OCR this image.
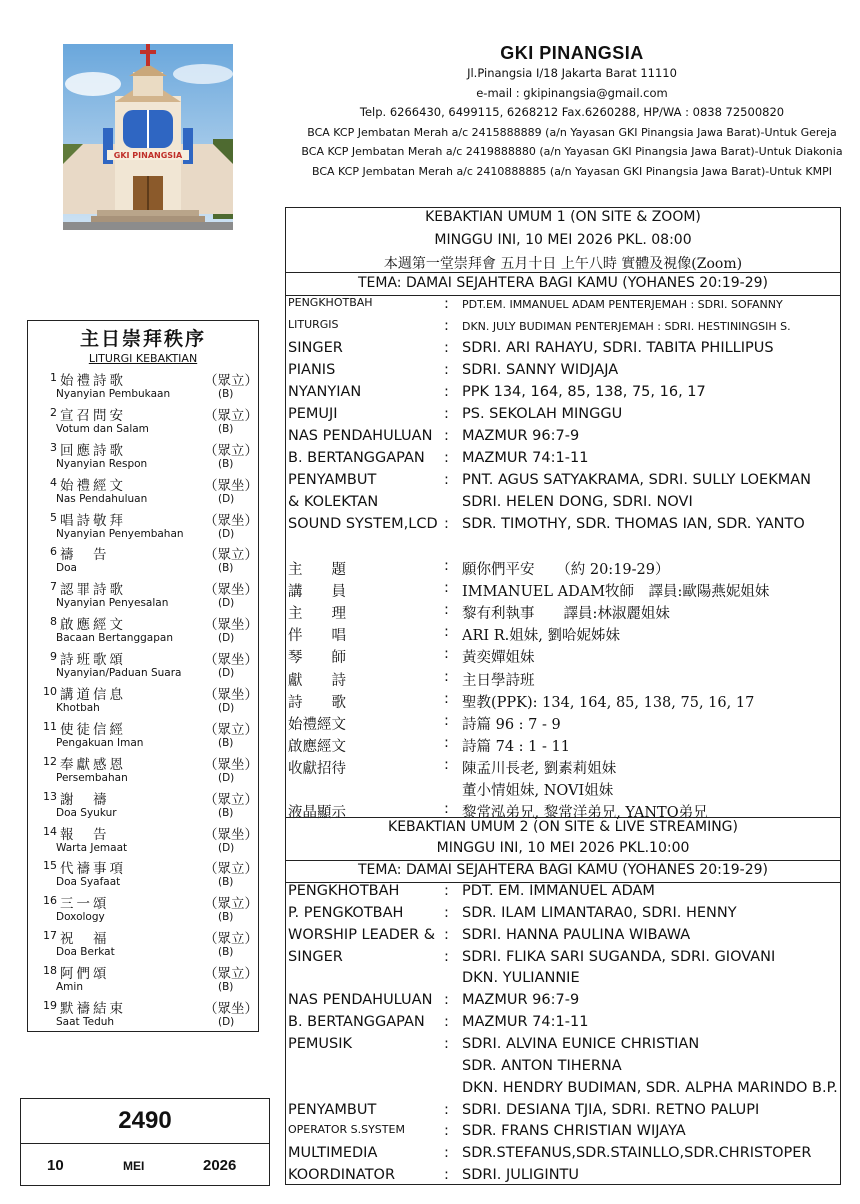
GKI PINANGSIA
GKI PINANGSIA
Jl.Pinangsia I/18 Jakarta Barat 11110
e-mail : gkipinangsia@gmail.com
Telp. 6266430, 6499115, 6268212 Fax.6260288, HP/WA : 0838 72500820
BCA KCP Jembatan Merah a/c 2415888889 (a/n Yayasan GKI Pinangsia Jawa Barat)-Untuk Gereja
BCA KCP Jembatan Merah a/c 2419888880 (a/n Yayasan GKI Pinangsia Jawa Barat)-Untuk Diakonia
BCA KCP Jembatan Merah a/c 2410888885 (a/n Yayasan GKI Pinangsia Jawa Barat)-Untuk KMPI
主日崇拜秩序
LITURGI KEBAKTIAN
1 始禮詩歌	（眾立）
Nyanyian Pembukaan	(B)
2 宣召問安	（眾立）
Votum dan Salam	(B)
3 回應詩歌	（眾立）
Nyanyian Respon	(B)
4 始禮經文	（眾坐）
Nas Pendahuluan	(D)
5 唱詩敬拜	（眾坐）
Nyanyian Penyembahan	(D)
6 禱　告	（眾立）
Doa	(B)
7 認罪詩歌	（眾坐）
Nyanyian Penyesalan	(D)
8 啟應經文	（眾坐）
Bacaan Bertanggapan	(D)
9 詩班歌頌	（眾坐）
Nyanyian/Paduan Suara	(D)
10 講道信息	（眾坐）
Khotbah	(D)
11 使徒信經	（眾立）
Pengakuan Iman	(B)
12 奉獻感恩	（眾坐）
Persembahan	(D)
13 謝　禱	（眾立）
Doa Syukur	(B)
14 報　告	（眾坐）
Warta Jemaat	(D)
15 代禱事項	（眾立）
Doa Syafaat	(B)
16 三一頌	（眾立）
Doxology	(B)
17 祝　福	（眾立）
Doa Berkat	(B)
18 阿們頌	（眾立）
Amin	(B)
19 默禱結束	（眾坐）
Saat Teduh	(D)
2490
10	MEI	2026
KEBAKTIAN UMUM 1 (ON SITE & ZOOM)
MINGGU INI, 10 MEI 2026 PKL. 08:00
本週第一堂崇拜會 五月十日 上午八時 實體及視像(Zoom)
TEMA: DAMAI SEJAHTERA BAGI KAMU (YOHANES 20:19-29)
PENGKHOTBAH	: PDT.EM. IMMANUEL ADAM PENTERJEMAH : SDRI. SOFANNY
LITURGIS	: DKN. JULY BUDIMAN PENTERJEMAH : SDRI. HESTININGSIH S.
SINGER	: SDRI. ARI RAHAYU, SDRI. TABITA PHILLIPUS
PIANIS	: SDRI. SANNY WIDJAJA
NYANYIAN	: PPK 134, 164, 85, 138, 75, 16, 17
PEMUJI	: PS. SEKOLAH MINGGU
NAS PENDAHULUAN : MAZMUR 96:7-9
B. BERTANGGAPAN : MAZMUR 74:1-11
PENYAMBUT	: PNT. AGUS SATYAKRAMA, SDRI. SULLY LOEKMAN
& KOLEKTAN	SDRI. HELEN DONG, SDRI. NOVI
SOUND SYSTEM,LCD : SDR. TIMOTHY, SDR. THOMAS IAN, SDR. YANTO
主　　題	: 願你們平安　　（約 20:19-29）
講　　員	: IMMANUEL ADAM牧師　譯員:歐陽燕妮姐妹
主　　理	: 黎有利執事　　譯員:林淑麗姐妹
伴　　唱	: ARI R.姐妹, 劉哈妮姊妹
琴　　師	: 黃奕嬋姐妹
獻　　詩	: 主日學詩班
詩　　歌	: 聖教(PPK): 134, 164, 85, 138, 75, 16, 17
始禮經文	: 詩篇 96 : 7 - 9
啟應經文	: 詩篇 74 : 1 - 11
收獻招待	: 陳孟川長老, 劉素莉姐妹
董小情姐妹, NOVI姐妹
液晶顯示	: 黎常泓弟兄, 黎常洋弟兄, YANTO弟兄
KEBAKTIAN UMUM 2 (ON SITE & LIVE STREAMING)
MINGGU INI, 10 MEI 2026 PKL.10:00
TEMA: DAMAI SEJAHTERA BAGI KAMU (YOHANES 20:19-29)
PENGKHOTBAH	: PDT. EM. IMMANUEL ADAM
P. PENGKOTBAH	: SDR. ILAM LIMANTARA0, SDRI. HENNY
WORSHIP LEADER & : SDRI. HANNA PAULINA WIBAWA
SINGER	: SDRI. FLIKA SARI SUGANDA, SDRI. GIOVANI
DKN. YULIANNIE
NAS PENDAHULUAN : MAZMUR 96:7-9
B. BERTANGGAPAN : MAZMUR 74:1-11
PEMUSIK	: SDRI. ALVINA EUNICE CHRISTIAN
SDR. ANTON TIHERNA
DKN. HENDRY BUDIMAN, SDR. ALPHA MARINDO B.P.
PENYAMBUT	: SDRI. DESIANA TJIA, SDRI. RETNO PALUPI
OPERATOR S.SYSTEM	: SDR. FRANS CHRISTIAN WIJAYA
MULTIMEDIA	: SDR.STEFANUS,SDR.STAINLLO,SDR.CHRISTOPER
KOORDINATOR	: SDRI. JULIGINTU
